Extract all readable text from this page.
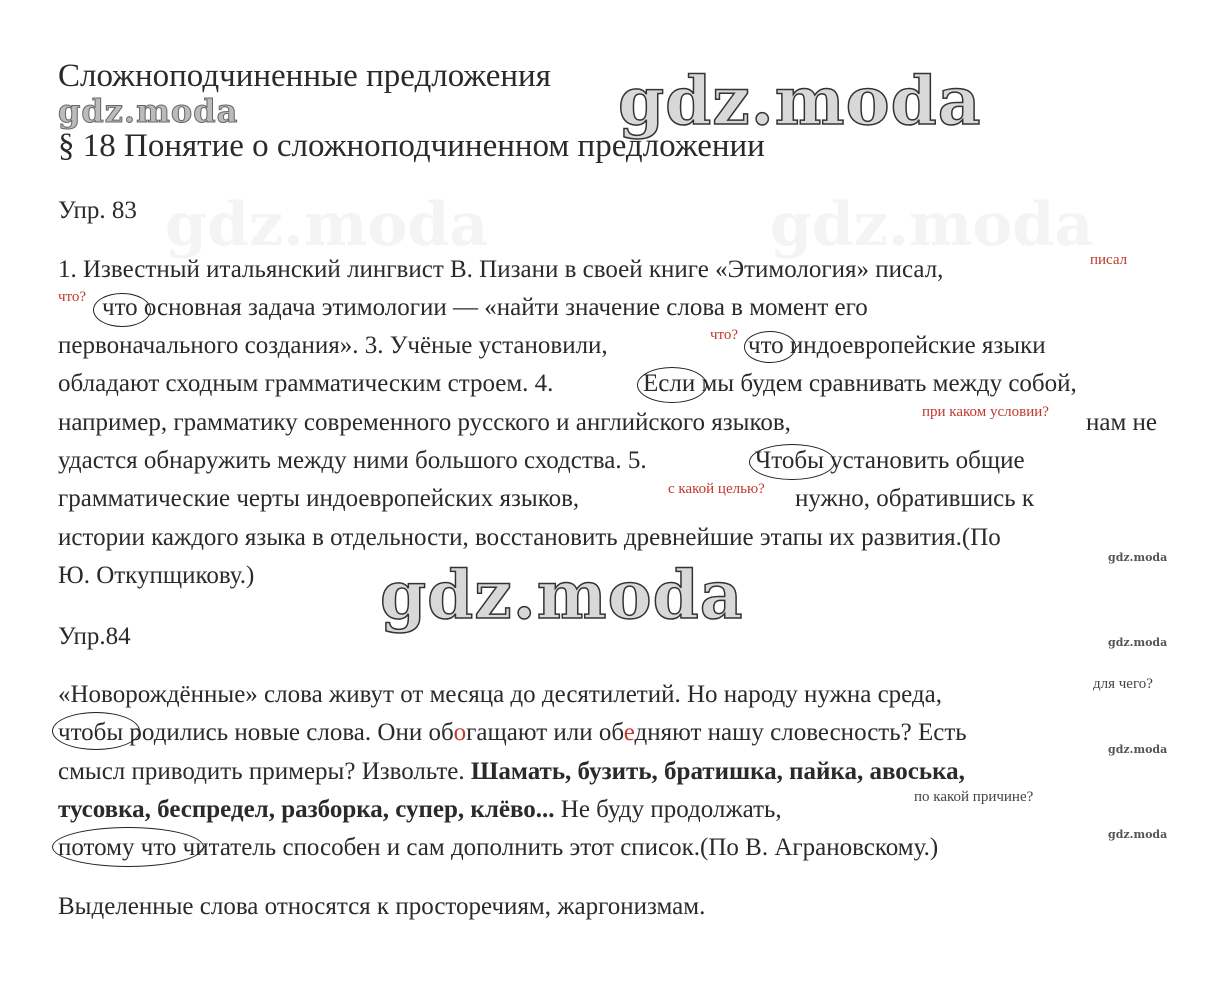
gdz.moda	gdz.moda
Сложноподчиненные предложения
§ 18 Понятие о сложноподчиненном предложении
gdz.moda	gdz.moda
gdz.moda	gdz.moda
gdz.moda
gdz.moda
gdz.moda
Упр. 83
1. Известный итальянский лингвист В. Пизани в своей книге «Этимология» писал,
что основная задача этимологии — «найти значение слова в момент его
первоначального создания». 3. Учёные установили,	что индоевропейские языки
обладают сходным грамматическим строем. 4.	Если мы будем сравнивать между собой,
например, грамматику современного русского и английского языков,	нам не
удастся обнаружить между ними большого сходства. 5.	Чтобы установить общие
грамматические черты индоевропейских языков,	нужно, обратившись к
истории каждого языка в отдельности, восстановить древнейшие этапы их развития.(По
Ю. Откупщикову.)
писал
что?
что?
при каком условии?
с какой целью?
Упр.84
«Новорождённые» слова живут от месяца до десятилетий. Но народу нужна среда,	для чего?
чтобы родились новые слова. Они обогащают или обедняют нашу словесность? Есть
смысл приводить примеры? Извольте. Шамать, бузить, братишка, пайка, авоська,
тусовка, беспредел, разборка, супер, клёво... Не буду продолжать,	по какой причине?
потому что читатель способен и сам дополнить этот список.(По В. Аграновскому.)
Выделенные слова относятся к просторечиям, жаргонизмам.
